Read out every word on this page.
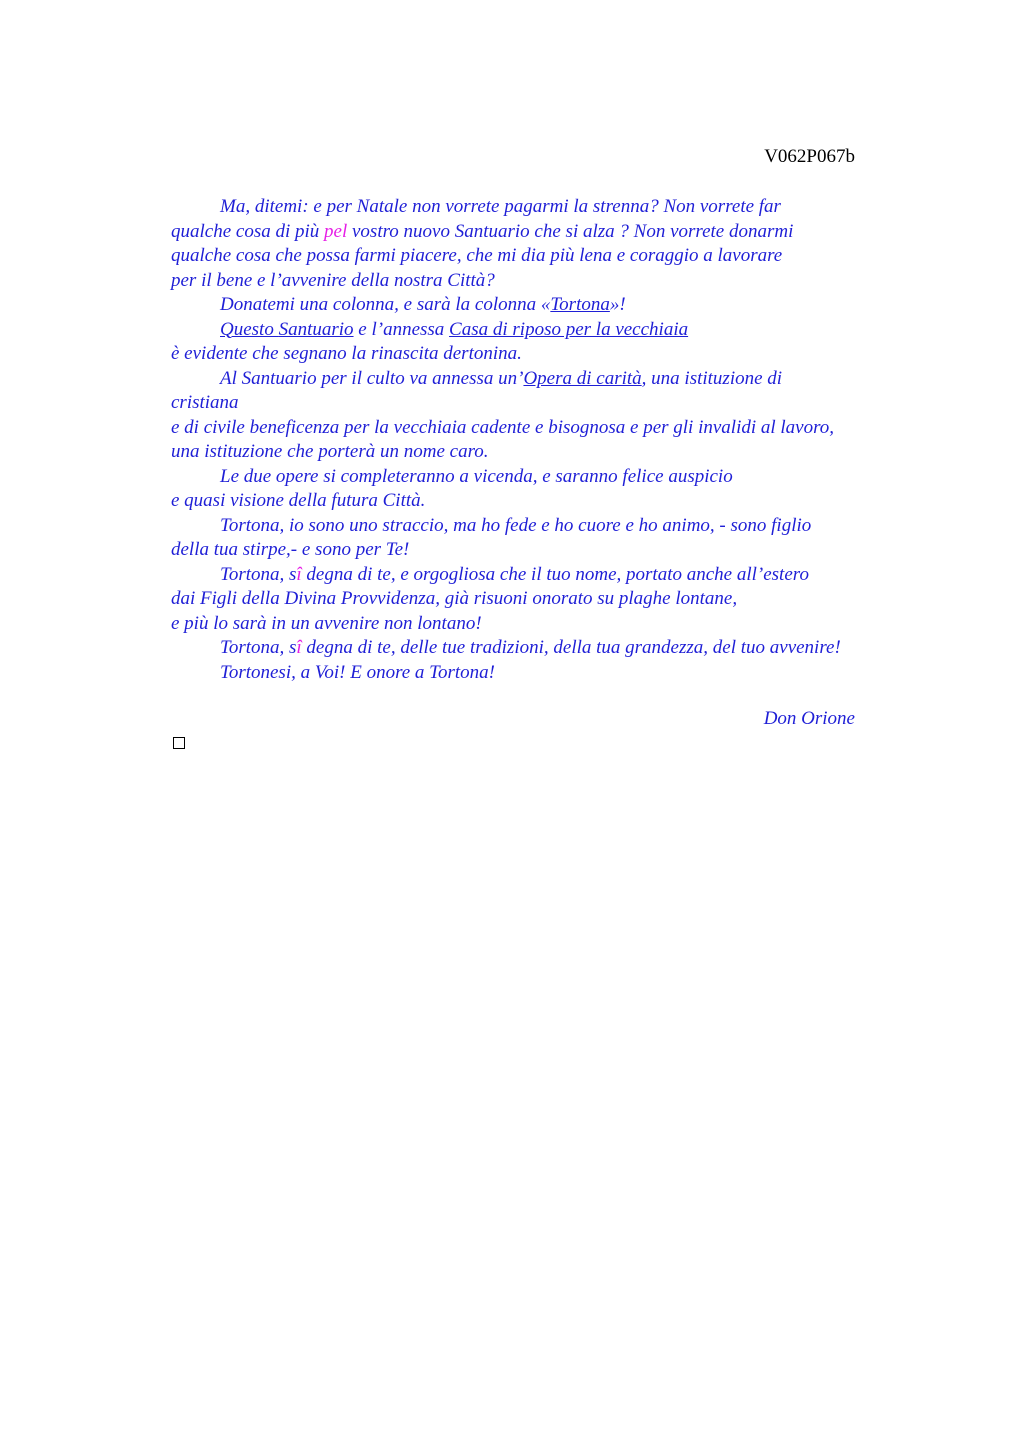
V062P067b
Ma, ditemi: e per Natale non vorrete pagarmi la strenna? Non vorrete far
qualche cosa di più pel vostro nuovo Santuario che si alza ? Non vorrete donarmi
qualche cosa che possa farmi piacere, che mi dia più lena e coraggio a lavorare
per il bene e l’avvenire della nostra Città?
Donatemi una colonna, e sarà la colonna «Tortona»!
Questo Santuario e l’annessa Casa di riposo per la vecchiaia
è evidente che segnano la rinascita dertonina.
Al Santuario per il culto va annessa un’Opera di carità, una istituzione di
cristiana
e di civile beneficenza per la vecchiaia cadente e bisognosa e per gli invalidi al lavoro,
una istituzione che porterà un nome caro.
Le due opere si completeranno a vicenda, e saranno felice auspicio
e quasi visione della futura Città.
Tortona, io sono uno straccio, ma ho fede e ho cuore e ho animo, - sono figlio
della tua stirpe,- e sono per Te!
Tortona, sî degna di te, e orgogliosa che il tuo nome, portato anche all’estero
dai Figli della Divina Provvidenza, già risuoni onorato su plaghe lontane,
e più lo sarà in un avvenire non lontano!
Tortona, sî degna di te, delle tue tradizioni, della tua grandezza, del tuo avvenire!
Tortonesi, a Voi! E onore a Tortona!
Don Orione
